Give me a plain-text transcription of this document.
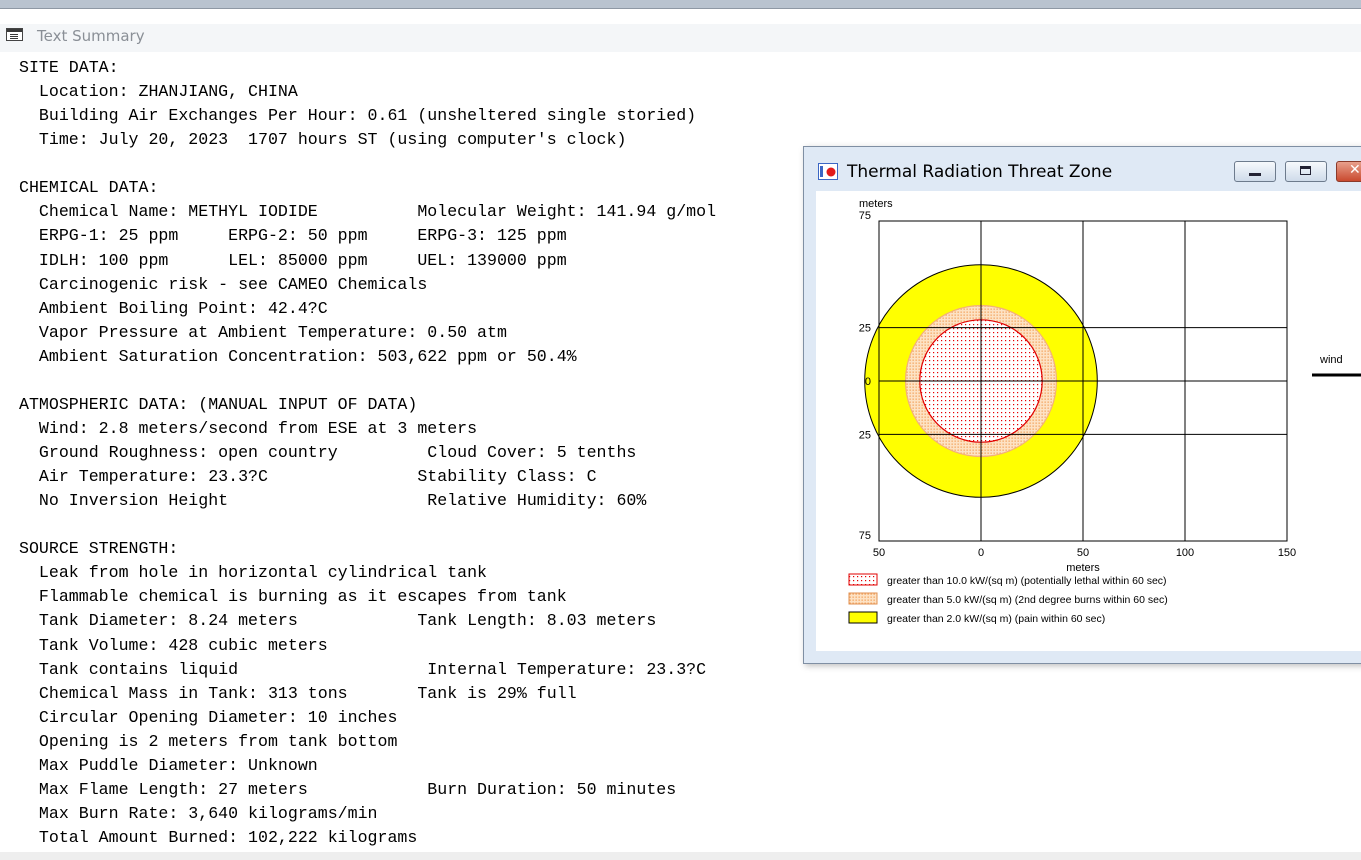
Text Summary
SITE DATA:
Location: ZHANJIANG, CHINA
Building Air Exchanges Per Hour: 0.61 (unsheltered single storied)
Time: July 20, 2023  1707 hours ST (using computer's clock)

CHEMICAL DATA:
Chemical Name: METHYL IODIDE          Molecular Weight: 141.94 g/mol
ERPG-1: 25 ppm     ERPG-2: 50 ppm     ERPG-3: 125 ppm
IDLH: 100 ppm      LEL: 85000 ppm     UEL: 139000 ppm
Carcinogenic risk - see CAMEO Chemicals
Ambient Boiling Point: 42.4?C
Vapor Pressure at Ambient Temperature: 0.50 atm
Ambient Saturation Concentration: 503,622 ppm or 50.4%

ATMOSPHERIC DATA: (MANUAL INPUT OF DATA)
Wind: 2.8 meters/second from ESE at 3 meters
Ground Roughness: open country         Cloud Cover: 5 tenths
Air Temperature: 23.3?C               Stability Class: C
No Inversion Height                    Relative Humidity: 60%

SOURCE STRENGTH:
Leak from hole in horizontal cylindrical tank
Flammable chemical is burning as it escapes from tank
Tank Diameter: 8.24 meters            Tank Length: 8.03 meters
Tank Volume: 428 cubic meters
Tank contains liquid                   Internal Temperature: 23.3?C
Chemical Mass in Tank: 313 tons       Tank is 29% full
Circular Opening Diameter: 10 inches
Opening is 2 meters from tank bottom
Max Puddle Diameter: Unknown
Max Flame Length: 27 meters            Burn Duration: 50 minutes
Max Burn Rate: 3,640 kilograms/min
Total Amount Burned: 102,222 kilograms
Thermal Radiation Threat Zone
✕
meters
75
25
0
25
75
50	0	50	100	150
meters
greater than 10.0 kW/(sq m) (potentially lethal within 60 sec)
greater than 5.0 kW/(sq m) (2nd degree burns within 60 sec)
greater than 2.0 kW/(sq m) (pain within 60 sec)
wind
